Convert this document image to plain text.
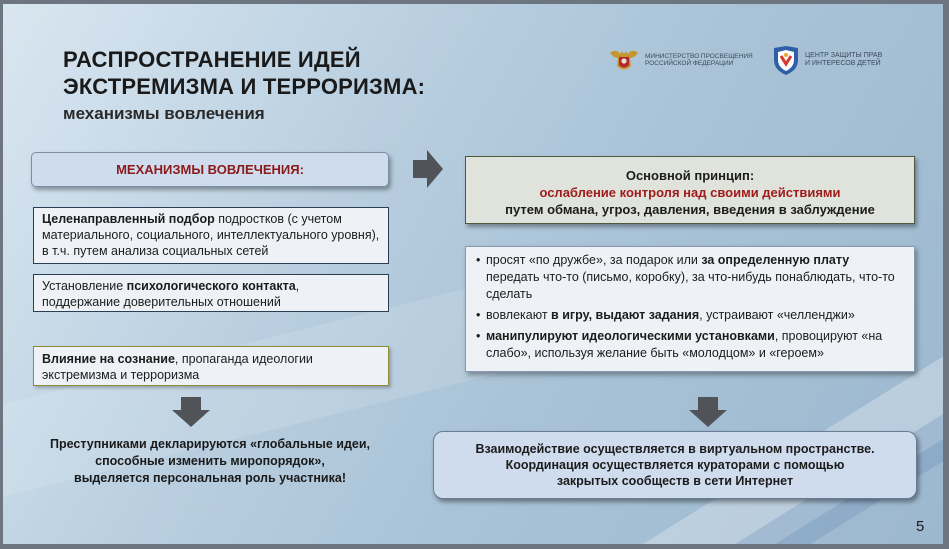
РАСПРОСТРАНЕНИЕ ИДЕЙ
ЭКСТРЕМИЗМА И ТЕРРОРИЗМА:
механизмы вовлечения
МИНИСТЕРСТВО ПРОСВЕЩЕНИЯ
РОССИЙСКОЙ ФЕДЕРАЦИИ
ЦЕНТР ЗАЩИТЫ ПРАВ
И ИНТЕРЕСОВ ДЕТЕЙ
МЕХАНИЗМЫ ВОВЛЕЧЕНИЯ:
Целенаправленный подбор подростков (с учетом материального, социального, интеллектуального уровня), в т.ч. путем анализа социальных сетей
Установление психологического контакта, поддержание доверительных отношений
Влияние на сознание, пропаганда идеологии экстремизма и терроризма
Преступниками декларируются «глобальные идеи,
способные изменить миропорядок»,
выделяется персональная роль участника!
Основной принцип:
ослабление контроля над своими действиями
путем обмана, угроз, давления, введения в заблуждение
• просят «по дружбе», за подарок или за определенную плату передать что-то (письмо, коробку), за что-нибудь понаблюдать, что-то сделать
• вовлекают в игру, выдают задания, устраивают «челленджи»
• манипулируют идеологическими установками, провоцируют «на слабо», используя желание быть «молодцом» и «героем»
Взаимодействие осуществляется в виртуальном пространстве.
Координация осуществляется кураторами с помощью
закрытых сообществ в сети Интернет
5
